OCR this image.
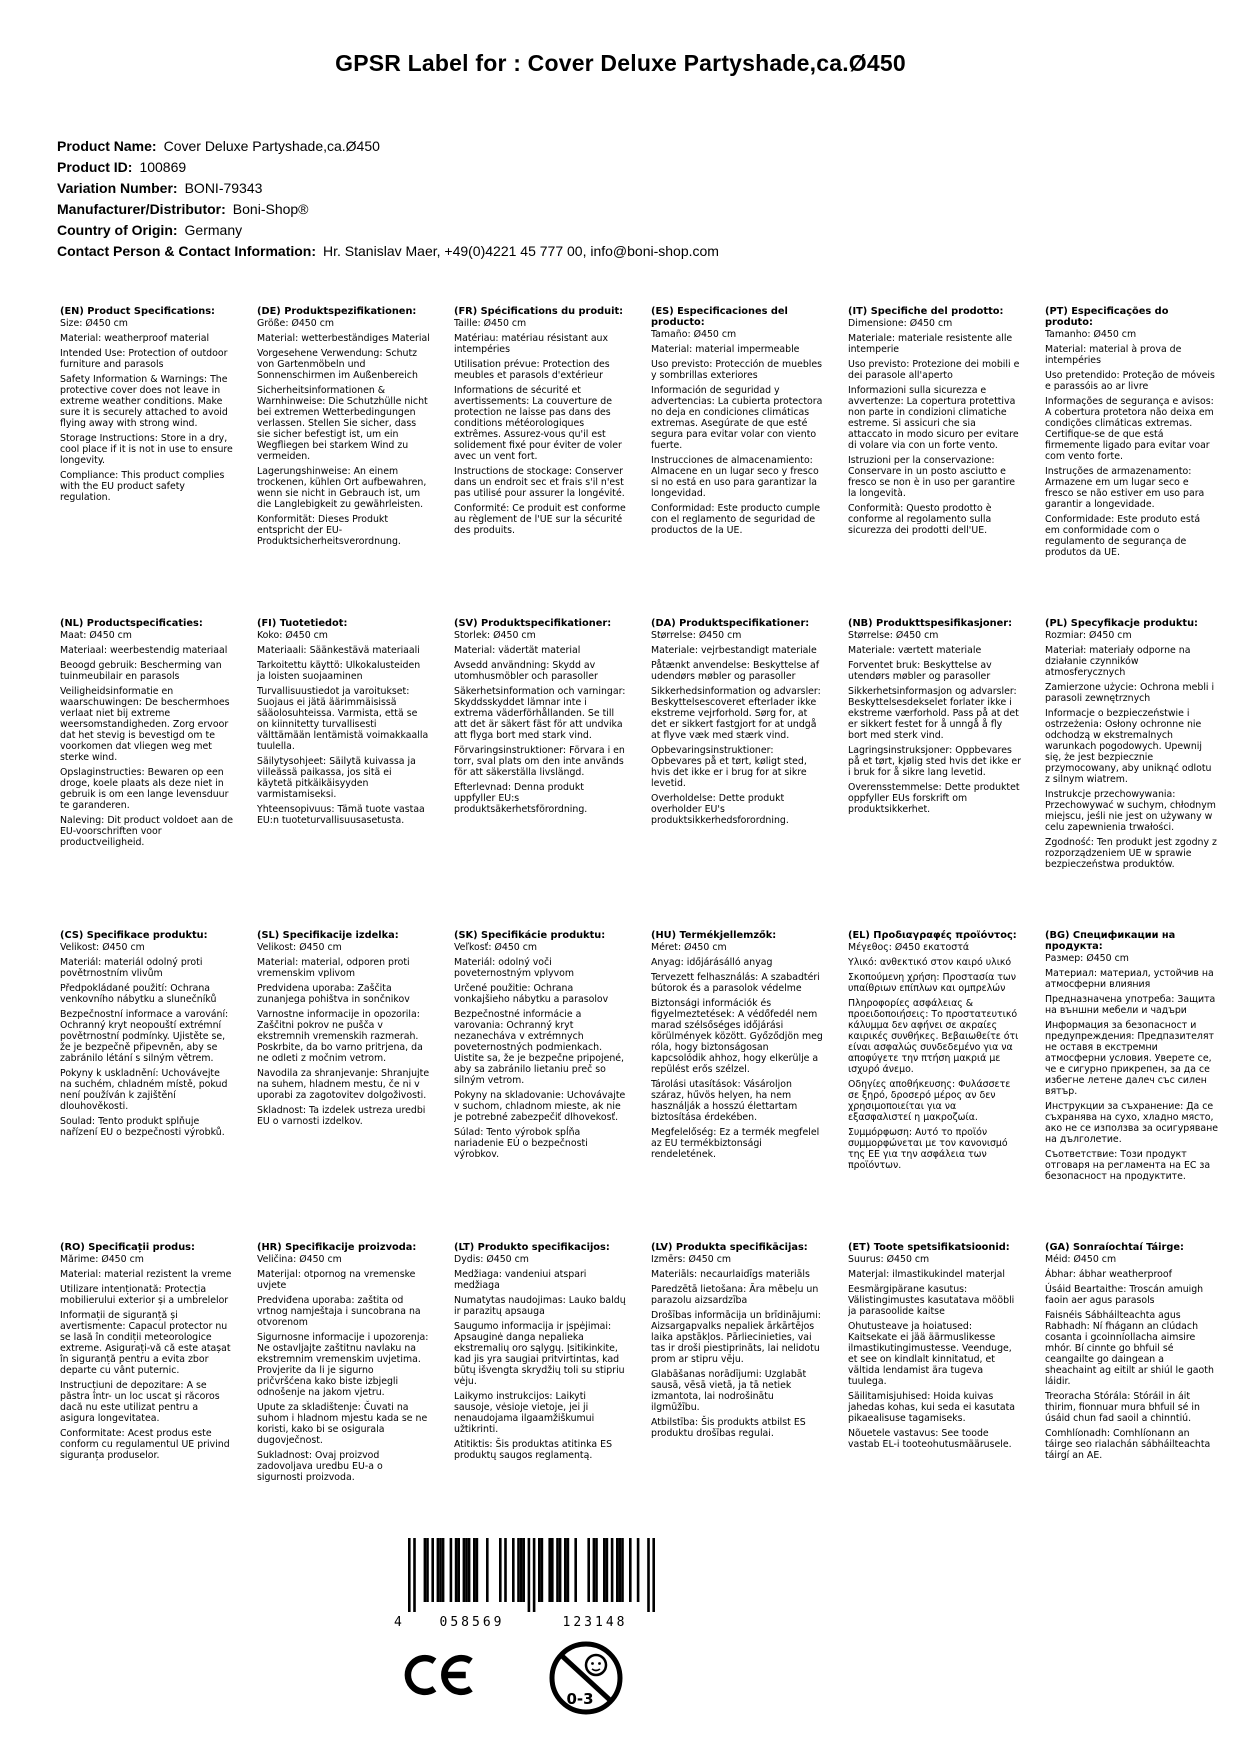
GPSR Label for : Cover Deluxe Partyshade,ca.Ø450
Product Name: Cover Deluxe Partyshade,ca.Ø450
Product ID: 100869
Variation Number: BONI-79343
Manufacturer/Distributor: Boni-Shop®
Country of Origin: Germany
Contact Person & Contact Information: Hr. Stanislav Maer, +49(0)4221 45 777 00, info@boni-shop.com
(EN) Product Specifications:

Size: Ø450 cm

Material: weatherproof material

Intended Use: Protection of outdoor furniture and parasols

Safety Information & Warnings: The protective cover does not leave in extreme weather conditions. Make sure it is securely attached to avoid flying away with strong wind.

Storage Instructions: Store in a dry, cool place if it is not in use to ensure longevity.

Compliance: This product complies with the EU product safety regulation.

(DE) Produktspezifikationen:

Größe: Ø450 cm

Material: wetterbeständiges Material

Vorgesehene Verwendung: Schutz von Gartenmöbeln und Sonnenschirmen im Außenbereich

Sicherheitsinformationen & Warnhinweise: Die Schutzhülle nicht bei extremen Wetterbedingungen verlassen. Stellen Sie sicher, dass sie sicher befestigt ist, um ein Wegfliegen bei starkem Wind zu vermeiden.

Lagerungshinweise: An einem trockenen, kühlen Ort aufbewahren, wenn sie nicht in Gebrauch ist, um die Langlebigkeit zu gewährleisten.

Konformität: Dieses Produkt entspricht der EU-Produktsicherheitsverordnung.

(FR) Spécifications du produit:

Taille: Ø450 cm

Matériau: matériau résistant aux intempéries

Utilisation prévue: Protection des meubles et parasols d'extérieur

Informations de sécurité et avertissements: La couverture de protection ne laisse pas dans des conditions météorologiques extrêmes. Assurez-vous qu'il est solidement fixé pour éviter de voler avec un vent fort.

Instructions de stockage: Conserver dans un endroit sec et frais s'il n'est pas utilisé pour assurer la longévité.

Conformité: Ce produit est conforme au règlement de l'UE sur la sécurité des produits.

(ES) Especificaciones del producto:

Tamaño: Ø450 cm

Material: material impermeable

Uso previsto: Protección de muebles y sombrillas exteriores

Información de seguridad y advertencias: La cubierta protectora no deja en condiciones climáticas extremas. Asegúrate de que esté segura para evitar volar con viento fuerte.

Instrucciones de almacenamiento: Almacene en un lugar seco y fresco si no está en uso para garantizar la longevidad.

Conformidad: Este producto cumple con el reglamento de seguridad de productos de la UE.

(IT) Specifiche del prodotto:

Dimensione: Ø450 cm

Materiale: materiale resistente alle intemperie

Uso previsto: Protezione dei mobili e dei parasole all'aperto

Informazioni sulla sicurezza e avvertenze: La copertura protettiva non parte in condizioni climatiche estreme. Si assicuri che sia attaccato in modo sicuro per evitare di volare via con un forte vento.

Istruzioni per la conservazione: Conservare in un posto asciutto e fresco se non è in uso per garantire la longevità.

Conformità: Questo prodotto è conforme al regolamento sulla sicurezza dei prodotti dell'UE.

(PT) Especificações do produto:

Tamanho: Ø450 cm

Material: material à prova de intempéries

Uso pretendido: Proteção de móveis e parassóis ao ar livre

Informações de segurança e avisos: A cobertura protetora não deixa em condições climáticas extremas. Certifique-se de que está firmemente ligado para evitar voar com vento forte.

Instruções de armazenamento: Armazene em um lugar seco e fresco se não estiver em uso para garantir a longevidade.

Conformidade: Este produto está em conformidade com o regulamento de segurança de produtos da UE.

(NL) Productspecificaties:

Maat: Ø450 cm

Materiaal: weerbestendig materiaal

Beoogd gebruik: Bescherming van tuinmeubilair en parasols

Veiligheidsinformatie en waarschuwingen: De beschermhoes verlaat niet bij extreme weersomstandigheden. Zorg ervoor dat het stevig is bevestigd om te voorkomen dat vliegen weg met sterke wind.

Opslaginstructies: Bewaren op een droge, koele plaats als deze niet in gebruik is om een lange levensduur te garanderen.

Naleving: Dit product voldoet aan de EU-voorschriften voor productveiligheid.

(FI) Tuotetiedot:

Koko: Ø450 cm

Materiaali: Säänkestävä materiaali

Tarkoitettu käyttö: Ulkokalusteiden ja loisten suojaaminen

Turvallisuustiedot ja varoitukset: Suojaus ei jätä äärimmäisissä sääolosuhteissa. Varmista, että se on kiinnitetty turvallisesti välttämään lentämistä voimakkaalla tuulella.

Säilytysohjeet: Säilytä kuivassa ja viileässä paikassa, jos sitä ei käytetä pitkäikäisyyden varmistamiseksi.

Yhteensopivuus: Tämä tuote vastaa EU:n tuoteturvallisuusasetusta.

(SV) Produktspecifikationer:

Storlek: Ø450 cm

Material: vädertät material

Avsedd användning: Skydd av utomhusmöbler och parasoller

Säkerhetsinformation och varningar: Skyddsskyddet lämnar inte i extrema väderförhållanden. Se till att det är säkert fäst för att undvika att flyga bort med stark vind.

Förvaringsinstruktioner: Förvara i en torr, sval plats om den inte används för att säkerställa livslängd.

Efterlevnad: Denna produkt uppfyller EU:s produktsäkerhetsförordning.

(DA) Produktspecifikationer:

Størrelse: Ø450 cm

Materiale: vejrbestandigt materiale

Påtænkt anvendelse: Beskyttelse af udendørs møbler og parasoller

Sikkerhedsinformation og advarsler: Beskyttelsescoveret efterlader ikke ekstreme vejrforhold. Sørg for, at det er sikkert fastgjort for at undgå at flyve væk med stærk vind.

Opbevaringsinstruktioner: Opbevares på et tørt, køligt sted, hvis det ikke er i brug for at sikre levetid.

Overholdelse: Dette produkt overholder EU's produktsikkerhedsforordning.

(NB) Produkttspesifikasjoner:

Størrelse: Ø450 cm

Materiale: værtett materiale

Forventet bruk: Beskyttelse av utendørs møbler og parasoller

Sikkerhetsinformasjon og advarsler: Beskyttelsesdekselet forlater ikke i ekstreme værforhold. Pass på at det er sikkert festet for å unngå å fly bort med sterk vind.

Lagringsinstruksjoner: Oppbevares på et tørt, kjølig sted hvis det ikke er i bruk for å sikre lang levetid.

Overensstemmelse: Dette produktet oppfyller EUs forskrift om produktsikkerhet.

(PL) Specyfikacje produktu:

Rozmiar: Ø450 cm

Materiał: materiały odporne na działanie czynników atmosferycznych

Zamierzone użycie: Ochrona mebli i parasoli zewnętrznych

Informacje o bezpieczeństwie i ostrzeżenia: Osłony ochronne nie odchodzą w ekstremalnych warunkach pogodowych. Upewnij się, że jest bezpiecznie przymocowany, aby uniknąć odlotu z silnym wiatrem.

Instrukcje przechowywania: Przechowywać w suchym, chłodnym miejscu, jeśli nie jest on używany w celu zapewnienia trwałości.

Zgodność: Ten produkt jest zgodny z rozporządzeniem UE w sprawie bezpieczeństwa produktów.

(CS) Specifikace produktu:

Velikost: Ø450 cm

Materiál: materiál odolný proti povětrnostním vlivům

Předpokládané použití: Ochrana venkovního nábytku a slunečníků

Bezpečnostní informace a varování: Ochranný kryt neopouští extrémní povětrnostní podmínky. Ujistěte se, že je bezpečně připevněn, aby se zabránilo létání s silným větrem.

Pokyny k uskladnění: Uchovávejte na suchém, chladném místě, pokud není používán k zajištění dlouhověkosti.

Soulad: Tento produkt splňuje nařízení EU o bezpečnosti výrobků.

(SL) Specifikacije izdelka:

Velikost: Ø450 cm

Material: material, odporen proti vremenskim vplivom

Predvidena uporaba: Zaščita zunanjega pohištva in sončnikov

Varnostne informacije in opozorila: Zaščitni pokrov ne pušča v ekstremnih vremenskih razmerah. Poskrbite, da bo varno pritrjena, da ne odleti z močnim vetrom.

Navodila za shranjevanje: Shranjujte na suhem, hladnem mestu, če ni v uporabi za zagotovitev dolgoživosti.

Skladnost: Ta izdelek ustreza uredbi EU o varnosti izdelkov.

(SK) Špecifikácie produktu:

Veľkosť: Ø450 cm

Materiál: odolný voči poveternostným vplyvom

Určené použitie: Ochrana vonkajšieho nábytku a parasolov

Bezpečnostné informácie a varovania: Ochranný kryt nezanecháva v extrémnych poveternostných podmienkach. Uistite sa, že je bezpečne pripojené, aby sa zabránilo lietaniu preč so silným vetrom.

Pokyny na skladovanie: Uchovávajte v suchom, chladnom mieste, ak nie je potrebné zabezpečiť dlhovekosť.

Súlad: Tento výrobok spĺňa nariadenie EÚ o bezpečnosti výrobkov.

(HU) Termékjellemzők:

Méret: Ø450 cm

Anyag: időjárásálló anyag

Tervezett felhasználás: A szabadtéri bútorok és a parasolok védelme

Biztonsági információk és figyelmeztetések: A védőfedél nem marad szélsőséges időjárási körülmények között. Győződjön meg róla, hogy biztonságosan kapcsolódik ahhoz, hogy elkerülje a repülést erős szélzel.

Tárolási utasítások: Vásároljon száraz, hűvös helyen, ha nem használják a hosszú élettartam biztosítása érdekében.

Megfelelőség: Ez a termék megfelel az EU termékbiztonsági rendeletének.

(EL) Προδιαγραφές προϊόντος:

Μέγεθος: Ø450 εκατοστά

Υλικό: ανθεκτικό στον καιρό υλικό

Σκοπούμενη χρήση: Προστασία των υπαίθριων επίπλων και ομπρελών

Πληροφορίες ασφάλειας & προειδοποιήσεις: Το προστατευτικό κάλυμμα δεν αφήνει σε ακραίες καιρικές συνθήκες. Βεβαιωθείτε ότι είναι ασφαλώς συνδεδεμένο για να αποφύγετε την πτήση μακριά με ισχυρό άνεμο.

Οδηγίες αποθήκευσης: Φυλάσσετε σε ξηρό, δροσερό μέρος αν δεν χρησιμοποιείται για να εξασφαλιστεί η μακροζωία.

Συμμόρφωση: Αυτό το προϊόν συμμορφώνεται με τον κανονισμό της ΕΕ για την ασφάλεια των προϊόντων.

(BG) Спецификации на продукта:

Размер: Ø450 cm

Материал: материал, устойчив на атмосферни влияния

Предназначена употреба: Защита на външни мебели и чадъри

Информация за безопасност и предупреждения: Предпазителят не оставя в екстремни атмосферни условия. Уверете се, че е сигурно прикрепен, за да се избегне летене далеч със силен вятър.

Инструкции за съхранение: Да се съхранява на сухо, хладно място, ако не се използва за осигуряване на дълголетие.

Съответствие: Този продукт отговаря на регламента на ЕС за безопасност на продуктите.

(RO) Specificații produs:

Mărime: Ø450 cm

Material: material rezistent la vreme

Utilizare intenționată: Protecția mobilierului exterior și a umbrelelor

Informații de siguranță și avertismente: Capacul protector nu se lasă în condiții meteorologice extreme. Asigurați-vă că este atașat în siguranță pentru a evita zbor departe cu vânt puternic.

Instrucțiuni de depozitare: A se păstra într- un loc uscat și răcoros dacă nu este utilizat pentru a asigura longevitatea.

Conformitate: Acest produs este conform cu regulamentul UE privind siguranța produselor.

(HR) Specifikacije proizvoda:

Veličina: Ø450 cm

Materijal: otpornog na vremenske uvjete

Predviđena uporaba: zaštita od vrtnog namještaja i suncobrana na otvorenom

Sigurnosne informacije i upozorenja: Ne ostavljajte zaštitnu navlaku na ekstremnim vremenskim uvjetima. Provjerite da li je sigurno pričvršćena kako biste izbjegli odnošenje na jakom vjetru.

Upute za skladištenje: Čuvati na suhom i hladnom mjestu kada se ne koristi, kako bi se osigurala dugovječnost.

Sukladnost: Ovaj proizvod zadovoljava uredbu EU-a o sigurnosti proizvoda.

(LT) Produkto specifikacijos:

Dydis: Ø450 cm

Medžiaga: vandeniui atspari medžiaga

Numatytas naudojimas: Lauko baldų ir parazitų apsauga

Saugumo informacija ir įspėjimai: Apsauginė danga nepalieka ekstremalių oro sąlygų. Įsitikinkite, kad jis yra saugiai pritvirtintas, kad būtų išvengta skrydžių toli su stipriu vėju.

Laikymo instrukcijos: Laikyti sausoje, vėsioje vietoje, jei ji nenaudojama ilgaamžiškumui užtikrinti.

Atitiktis: Šis produktas atitinka ES produktų saugos reglamentą.

(LV) Produkta specifikācijas:

Izmērs: Ø450 cm

Materiāls: necaurlaidīgs materiāls

Paredzētā lietošana: Āra mēbeļu un parazolu aizsardzība

Drošības informācija un brīdinājumi: Aizsargapvalks nepaliek ārkārtējos laika apstākļos. Pārliecinieties, vai tas ir droši piestiprināts, lai nelidotu prom ar stipru vēju.

Glabāšanas norādījumi: Uzglabāt sausā, vēsā vietā, ja tā netiek izmantota, lai nodrošinātu ilgmūžību.

Atbilstība: Šis produkts atbilst ES produktu drošības regulai.

(ET) Toote spetsifikatsioonid:

Suurus: Ø450 cm

Materjal: ilmastikukindel materjal

Eesmärgipärane kasutus: Välistingimustes kasutatava mööbli ja parasoolide kaitse

Ohutusteave ja hoiatused: Kaitsekate ei jää äärmuslikesse ilmastikutingimustesse. Veenduge, et see on kindlalt kinnitatud, et vältida lendamist ära tugeva tuulega.

Säilitamisjuhised: Hoida kuivas jahedas kohas, kui seda ei kasutata pikaealisuse tagamiseks.

Nõuetele vastavus: See toode vastab EL-i tooteohutusmäärusele.

(GA) Sonraíochtaí Táirge:

Méid: Ø450 cm

Ábhar: ábhar weatherproof

Úsáid Beartaithe: Troscán amuigh faoin aer agus parasols

Faisnéis Sábháilteachta agus Rabhadh: Ní fhágann an clúdach cosanta i gcoinníollacha aimsire mhór. Bí cinnte go bhfuil sé ceangailte go daingean a sheachaint ag eitilt ar shiúl le gaoth láidir.

Treoracha Stórála: Stóráil in áit thirim, fionnuar mura bhfuil sé in úsáid chun fad saoil a chinntiú.

Comhlíonadh: Comhlíonann an táirge seo rialachán sábháilteachta táirgí an AE.

4	058569	123148
0-3
